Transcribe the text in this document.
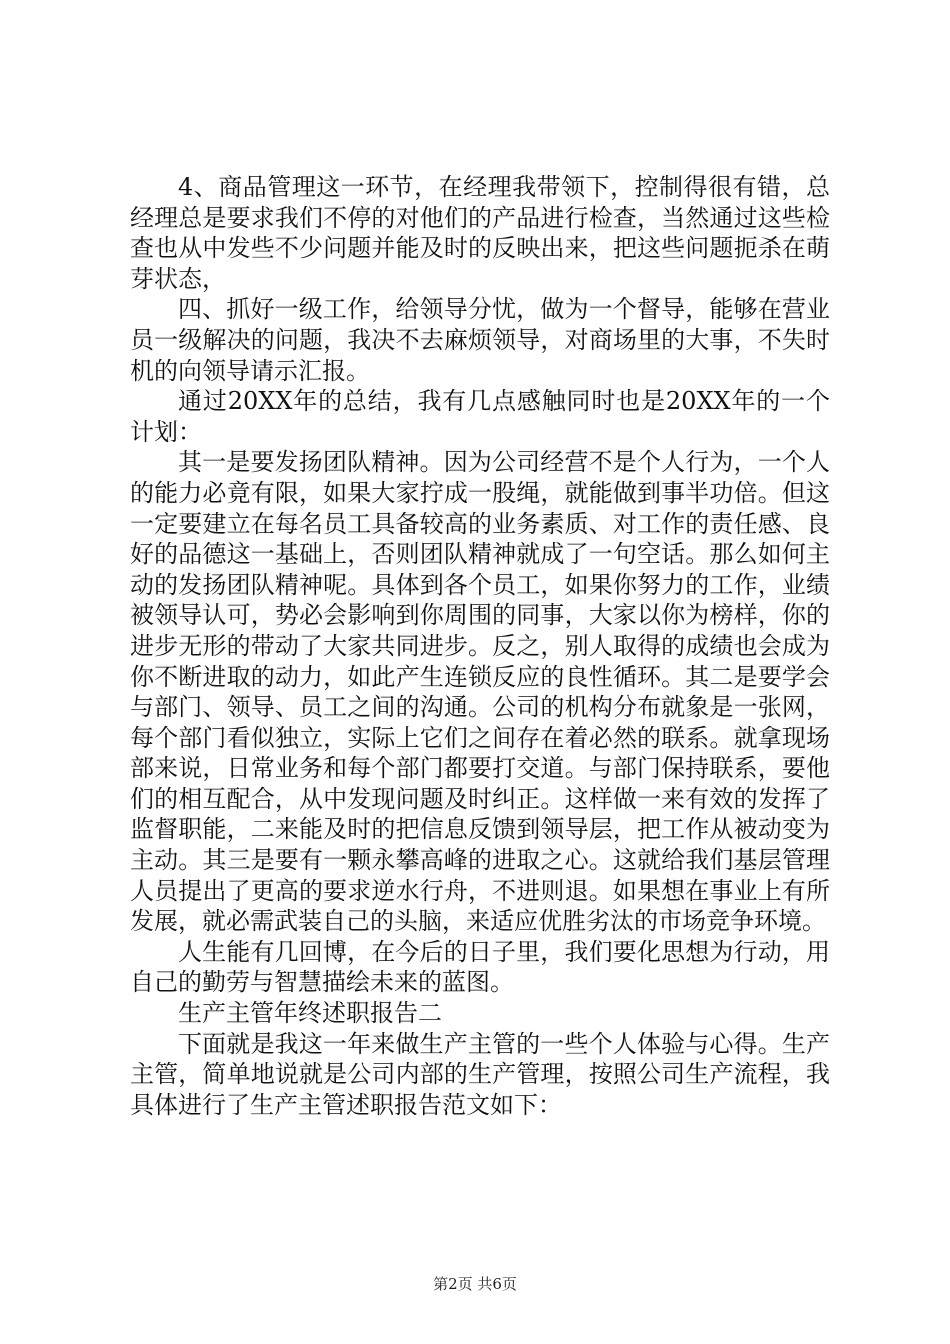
4、商品管理这一环节，在经理我带领下，控制得很有错，总经理总是要求我们不停的对他们的产品进行检查，当然通过这些检查也从中发些不少问题并能及时的反映出来，把这些问题扼杀在萌芽状态，

四、抓好一级工作，给领导分忧，做为一个督导，能够在营业员一级解决的问题，我决不去麻烦领导，对商场里的大事，不失时机的向领导请示汇报。

通过20XX年的总结，我有几点感触同时也是20XX年的一个计划：

其一是要发扬团队精神。因为公司经营不是个人行为，一个人的能力必竟有限，如果大家拧成一股绳，就能做到事半功倍。但这一定要建立在每名员工具备较高的业务素质、对工作的责任感、良好的品德这一基础上，否则团队精神就成了一句空话。那么如何主动的发扬团队精神呢。具体到各个员工，如果你努力的工作，业绩被领导认可，势必会影响到你周围的同事，大家以你为榜样，你的进步无形的带动了大家共同进步。反之，别人取得的成绩也会成为你不断进取的动力，如此产生连锁反应的良性循环。其二是要学会与部门、领导、员工之间的沟通。公司的机构分布就象是一张网，每个部门看似独立，实际上它们之间存在着必然的联系。就拿现场部来说，日常业务和每个部门都要打交道。与部门保持联系，要他们的相互配合，从中发现问题及时纠正。这样做一来有效的发挥了监督职能，二来能及时的把信息反馈到领导层，把工作从被动变为主动。其三是要有一颗永攀高峰的进取之心。这就给我们基层管理人员提出了更高的要求逆水行舟，不进则退。如果想在事业上有所发展，就必需武装自己的头脑，来适应优胜劣汰的市场竞争环境。

人生能有几回博，在今后的日子里，我们要化思想为行动，用自己的勤劳与智慧描绘未来的蓝图。

生产主管年终述职报告二

下面就是我这一年来做生产主管的一些个人体验与心得。生产主管，简单地说就是公司内部的生产管理，按照公司生产流程，我具体进行了生产主管述职报告范文如下：

第2页 共6页
